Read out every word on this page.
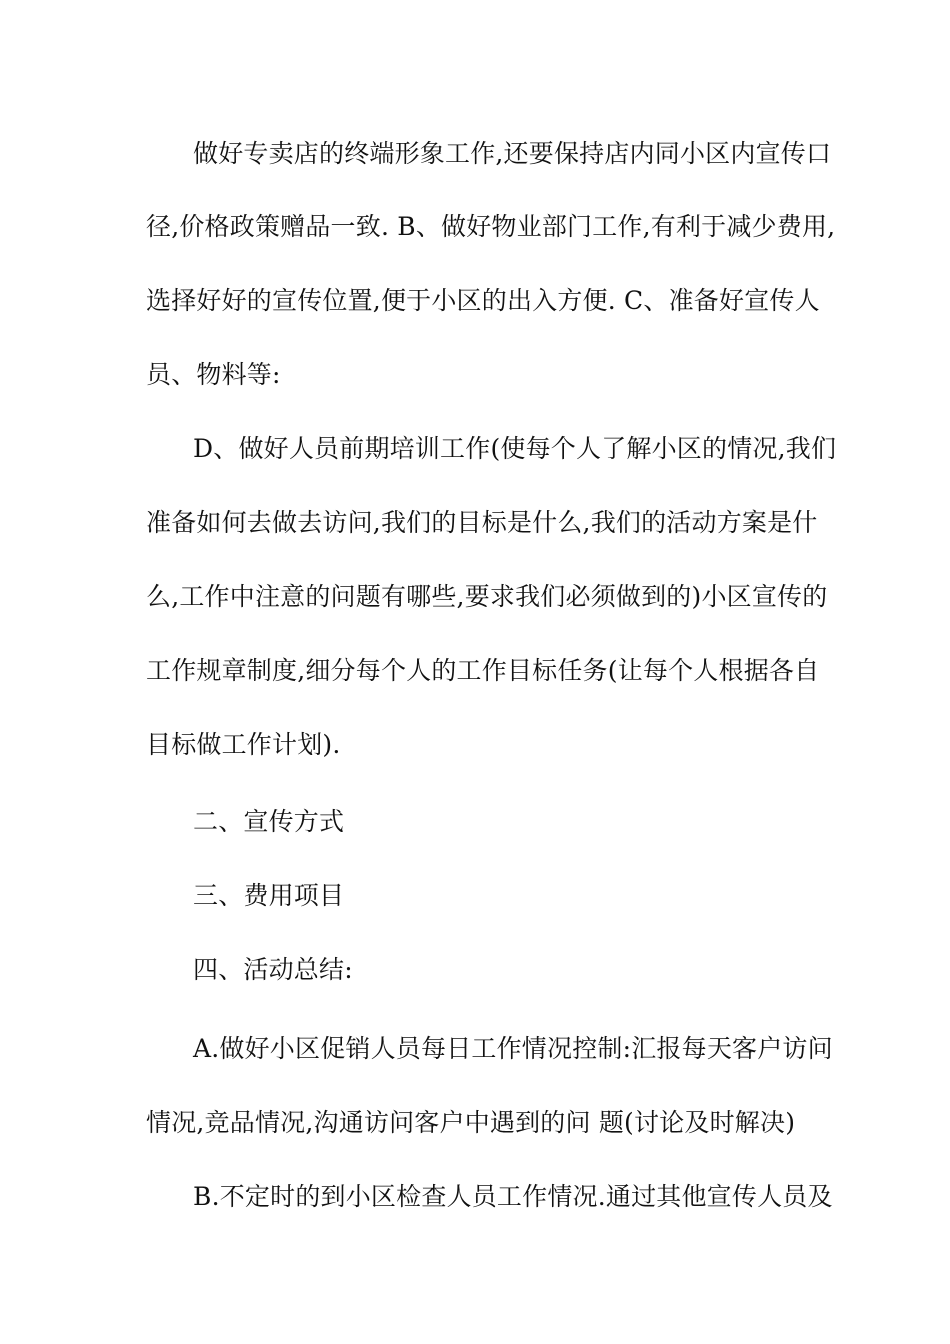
做好专卖店的终端形象工作,还要保持店内同小区内宣传口
径,价格政策赠品一致. B、做好物业部门工作,有利于减少费用,
选择好好的宣传位置,便于小区的出入方便. C、准备好宣传人
员、物料等:
D、做好人员前期培训工作(使每个人了解小区的情况,我们
准备如何去做去访问,我们的目标是什么,我们的活动方案是什
么,工作中注意的问题有哪些,要求我们必须做到的)小区宣传的
工作规章制度,细分每个人的工作目标任务(让每个人根据各自
目标做工作计划).
二、宣传方式
三、费用项目
四、活动总结:
A.做好小区促销人员每日工作情况控制:汇报每天客户访问
情况,竞品情况,沟通访问客户中遇到的问 题(讨论及时解决)
B.不定时的到小区检查人员工作情况.通过其他宣传人员及
